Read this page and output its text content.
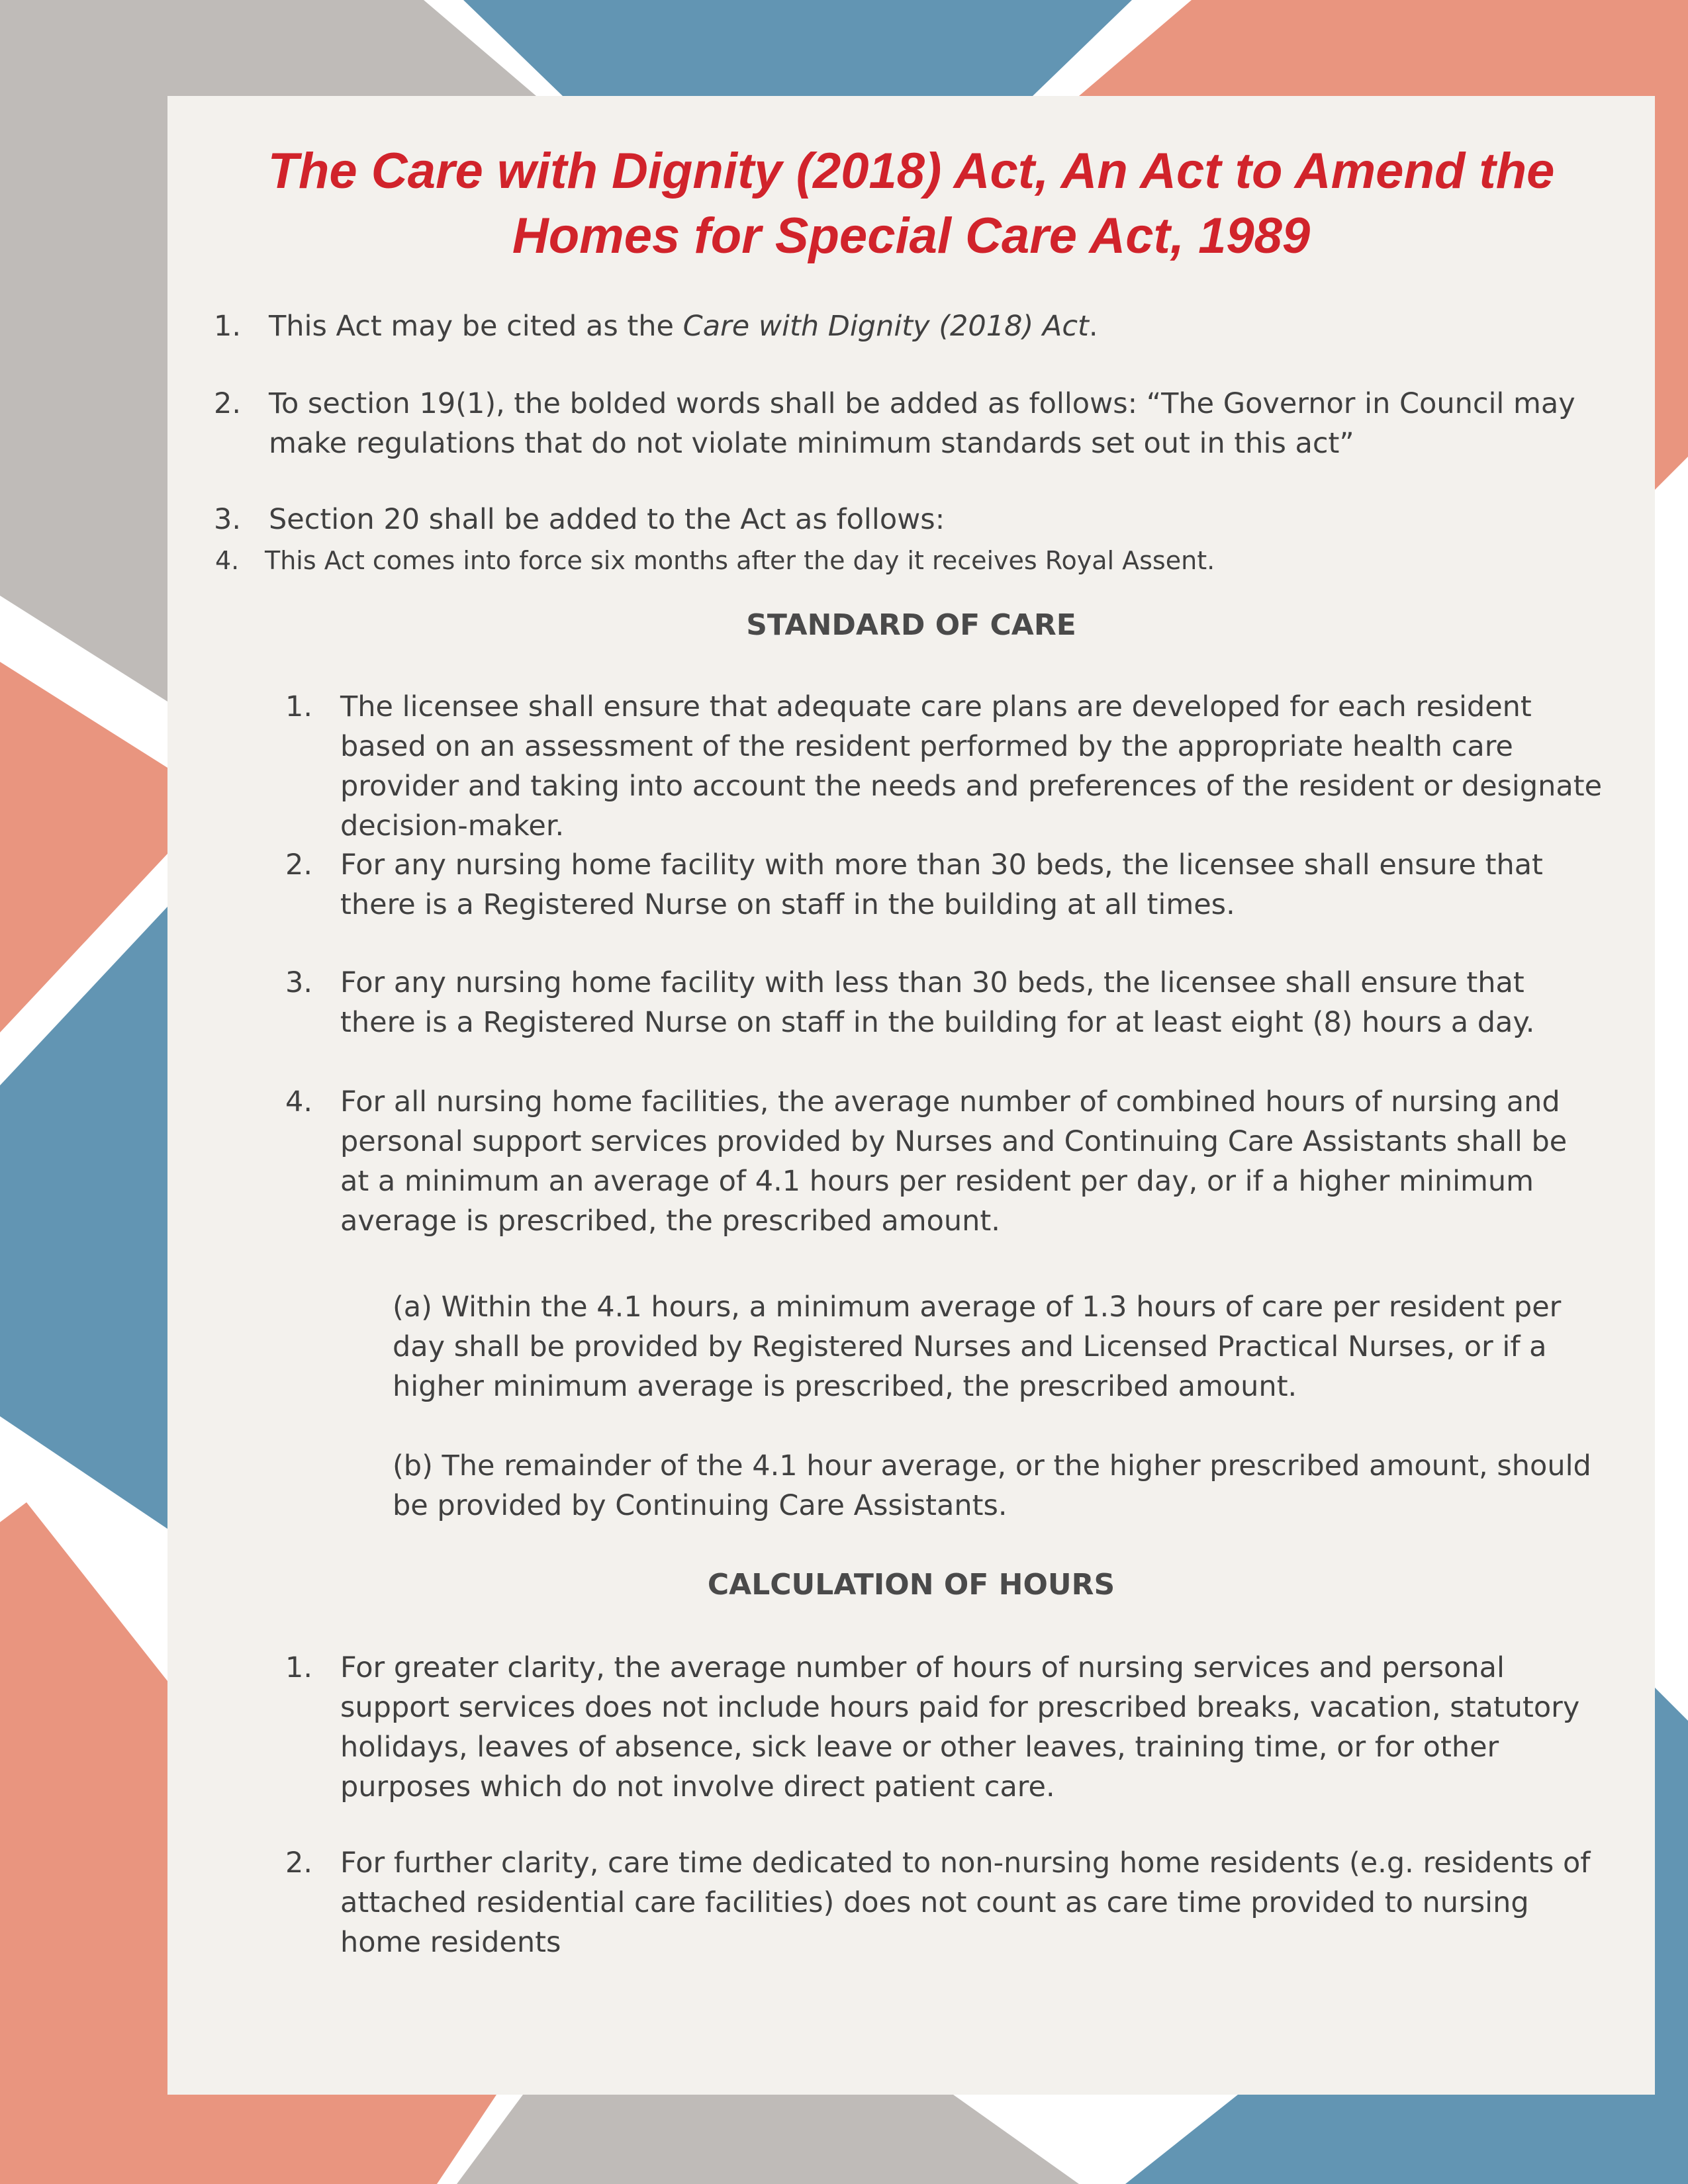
The Care with Dignity (2018) Act, An Act to Amend the
Homes for Special Care Act, 1989
1. This Act may be cited as the Care with Dignity (2018) Act.
2. To section 19(1), the bolded words shall be added as follows: “The Governor in Council may make regulations that do not violate minimum standards set out in this act”
3. Section 20 shall be added to the Act as follows:
4.	This Act comes into force six months after the day it receives Royal Assent.
STANDARD OF CARE
1. The licensee shall ensure that adequate care plans are developed for each resident based on an assessment of the resident performed by the appropriate health care provider and taking into account the needs and preferences of the resident or designate decision-maker.
2. For any nursing home facility with more than 30 beds, the licensee shall ensure that there is a Registered Nurse on staff in the building at all times.
3. For any nursing home facility with less than 30 beds, the licensee shall ensure that there is a Registered Nurse on staff in the building for at least eight (8) hours a day.
4. For all nursing home facilities, the average number of combined hours of nursing and personal support services provided by Nurses and Continuing Care Assistants shall be at a minimum an average of 4.1 hours per resident per day, or if a higher minimum average is prescribed, the prescribed amount.
(a) Within the 4.1 hours, a minimum average of 1.3 hours of care per resident per day shall be provided by Registered Nurses and Licensed Practical Nurses, or if a higher minimum average is prescribed, the prescribed amount.
(b) The remainder of the 4.1 hour average, or the higher prescribed amount, should be provided by Continuing Care Assistants.
CALCULATION OF HOURS
1. For greater clarity, the average number of hours of nursing services and personal support services does not include hours paid for prescribed breaks, vacation, statutory holidays, leaves of absence, sick leave or other leaves, training time, or for other purposes which do not involve direct patient care.
2. For further clarity, care time dedicated to non-nursing home residents (e.g. residents of attached residential care facilities) does not count as care time provided to nursing home residents
